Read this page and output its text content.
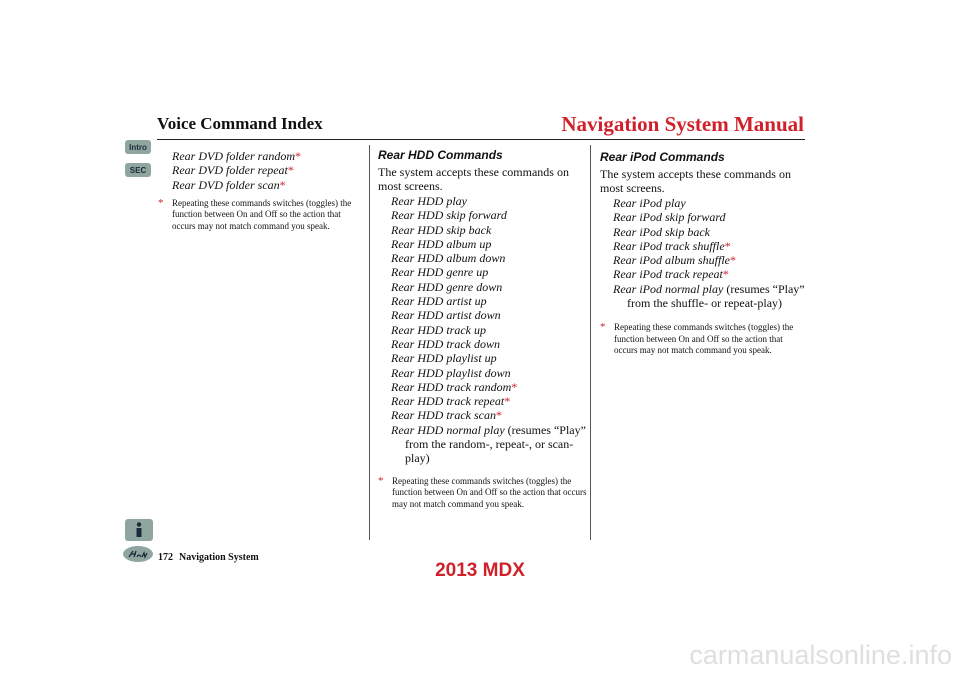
Voice Command Index	Navigation System Manual
Intro
SEC
Rear DVD folder random*
Rear DVD folder repeat*
Rear DVD folder scan*
* Repeating these commands switches (toggles) the function between On and Off so the action that occurs may not match command you speak.
Rear HDD Commands
The system accepts these commands on most screens.
Rear HDD play
Rear HDD skip forward
Rear HDD skip back
Rear HDD album up
Rear HDD album down
Rear HDD genre up
Rear HDD genre down
Rear HDD artist up
Rear HDD artist down
Rear HDD track up
Rear HDD track down
Rear HDD playlist up
Rear HDD playlist down
Rear HDD track random*
Rear HDD track repeat*
Rear HDD track scan*
Rear HDD normal play (resumes “Play” from the random-, repeat-, or scan-play)
* Repeating these commands switches (toggles) the function between On and Off so the action that occurs may not match command you speak.
Rear iPod Commands
The system accepts these commands on most screens.
Rear iPod play
Rear iPod skip forward
Rear iPod skip back
Rear iPod track shuffle*
Rear iPod album shuffle*
Rear iPod track repeat*
Rear iPod normal play (resumes “Play” from the shuffle- or repeat-play)
* Repeating these commands switches (toggles) the function between On and Off so the action that occurs may not match command you speak.
172 Navigation System
2013 MDX
carmanualsonline.info
